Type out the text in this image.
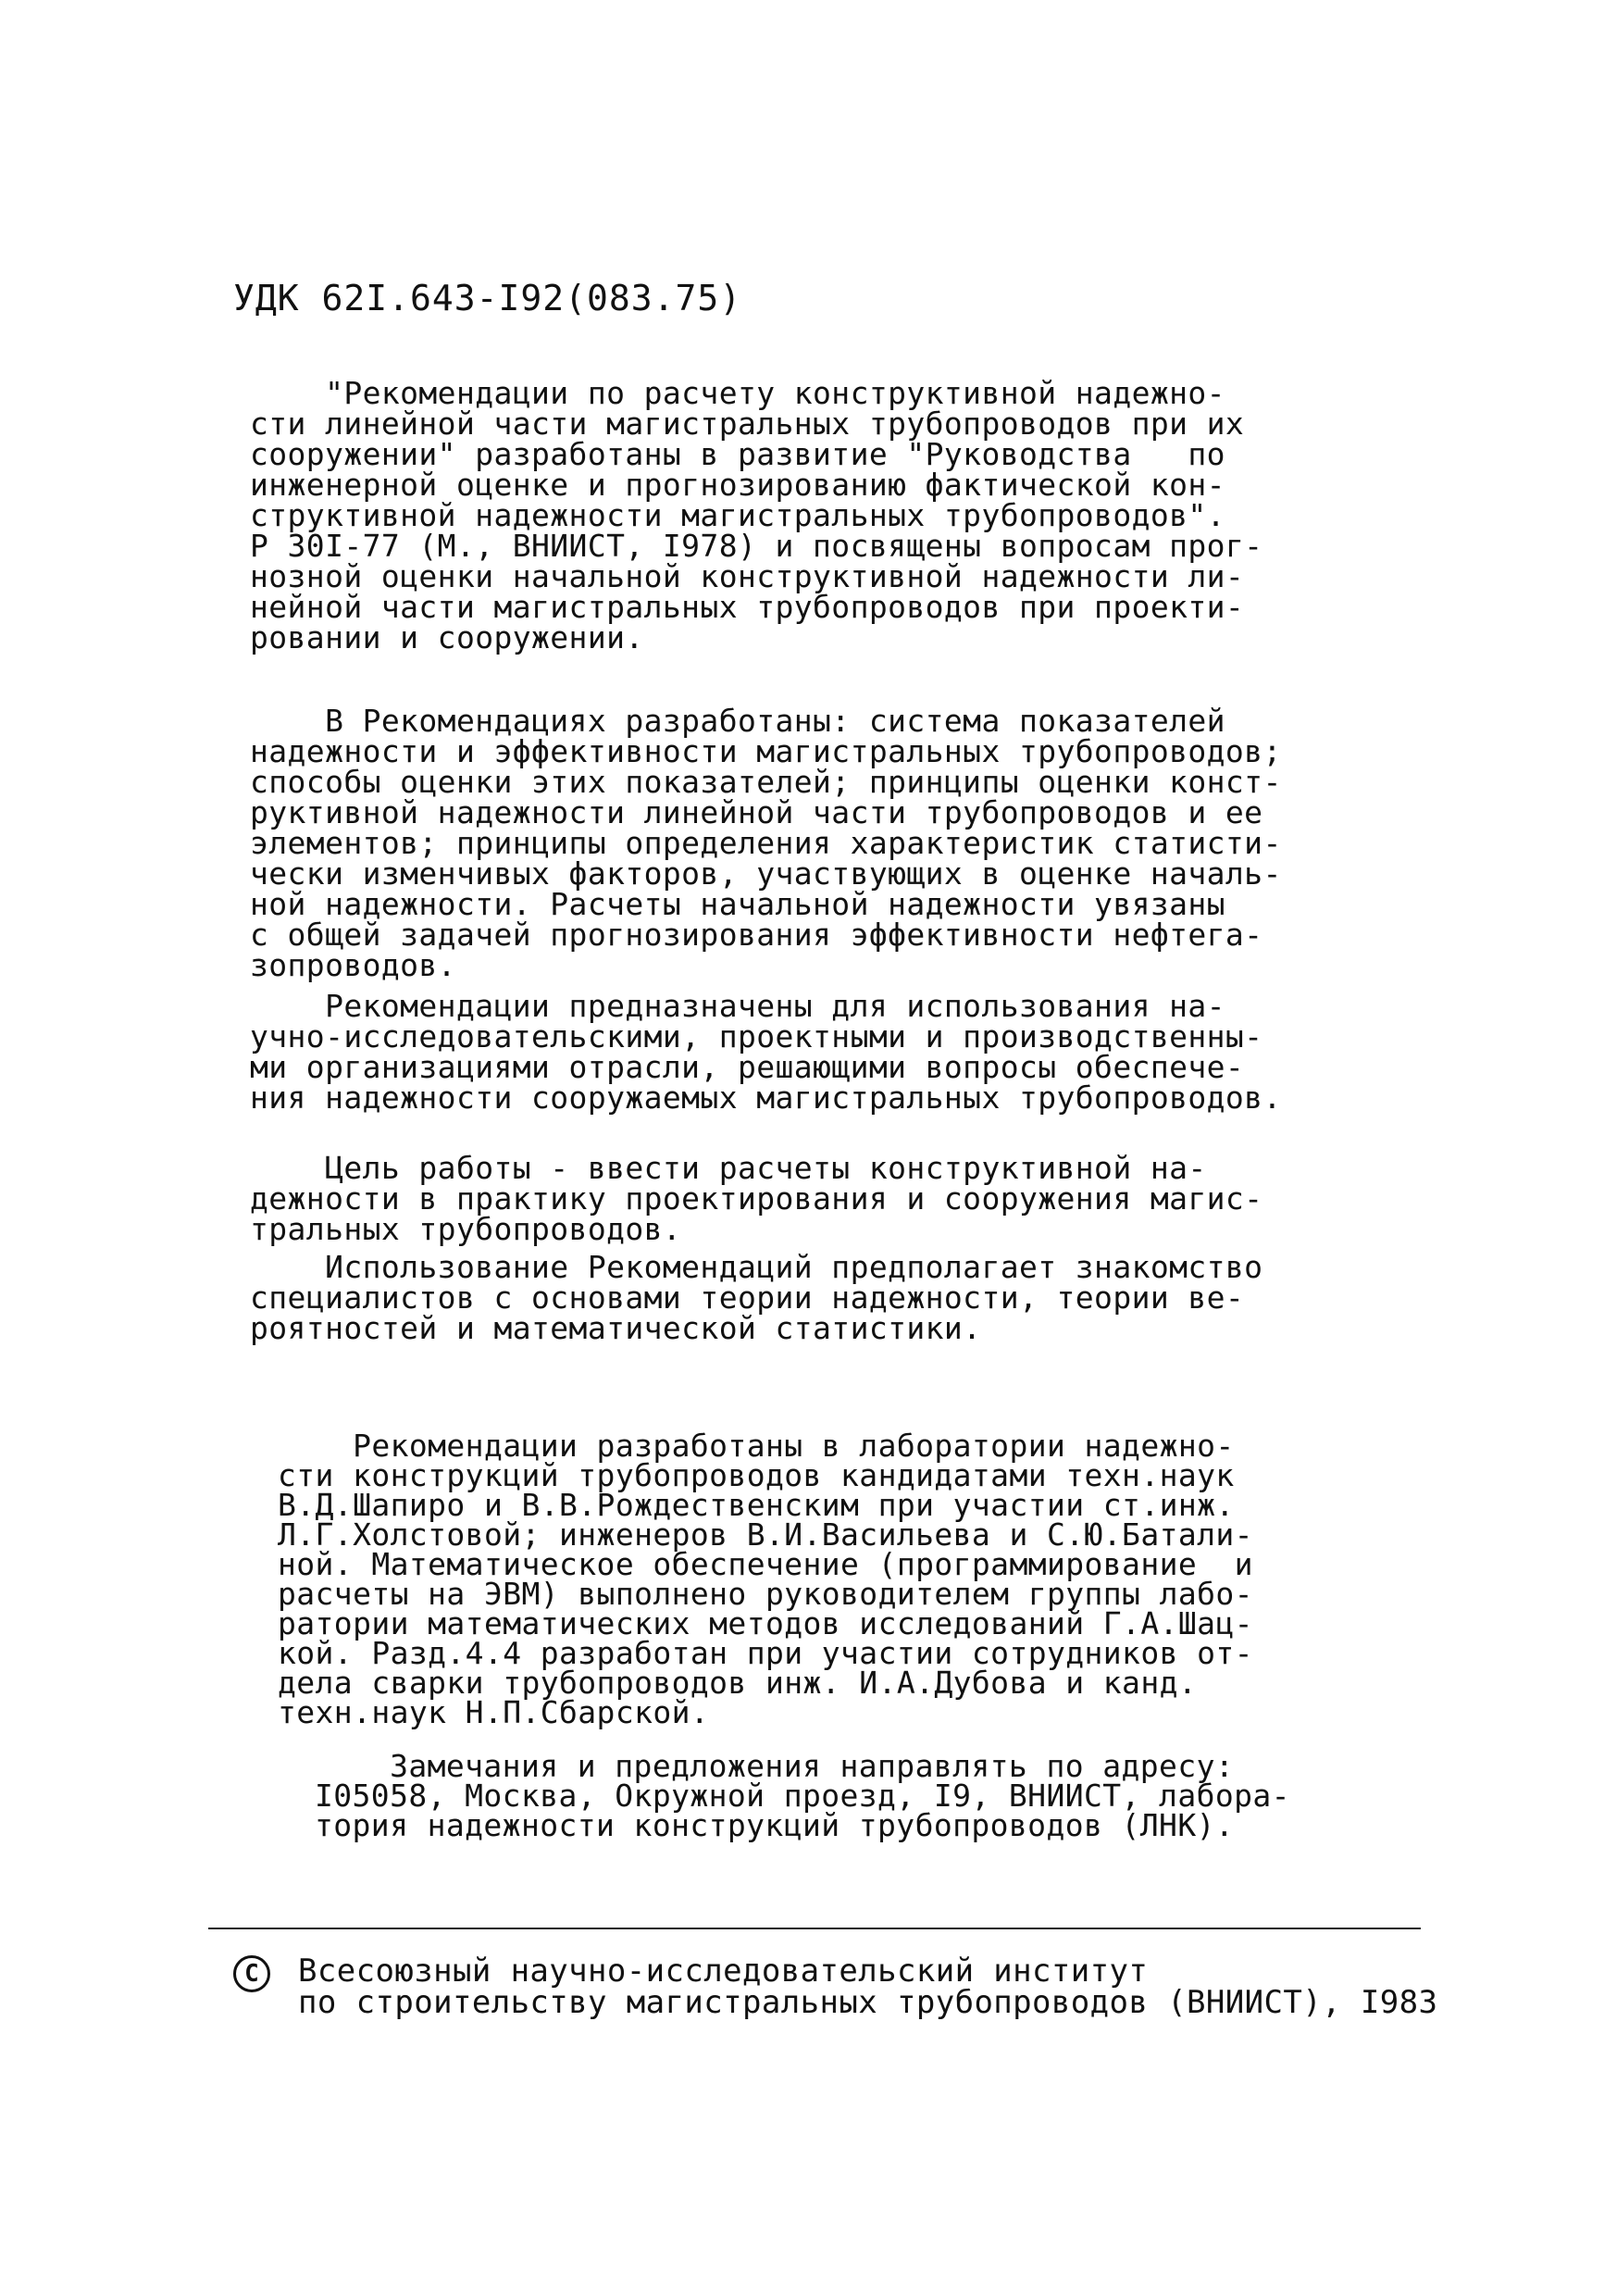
УДК 62I.643-I92(083.75)
"Рекомендации по расчету конструктивной надежно-
сти линейной части магистральных трубопроводов при их
сооружении" разработаны в развитие "Руководства   по
инженерной оценке и прогнозированию фактической кон-
структивной надежности магистральных трубопроводов".
Р 30I-77 (М., ВНИИСТ, I978) и посвящены вопросам прог-
нозной оценки начальной конструктивной надежности ли-
нейной части магистральных трубопроводов при проекти-
ровании и сооружении.
В Рекомендациях разработаны: система показателей
надежности и эффективности магистральных трубопроводов;
способы оценки этих показателей; принципы оценки конст-
руктивной надежности линейной части трубопроводов и ее
элементов; принципы определения характеристик статисти-
чески изменчивых факторов, участвующих в оценке началь-
ной надежности. Расчеты начальной надежности увязаны
с общей задачей прогнозирования эффективности нефтега-
зопроводов.
Рекомендации предназначены для использования на-
учно-исследовательскими, проектными и производственны-
ми организациями отрасли, решающими вопросы обеспече-
ния надежности сооружаемых магистральных трубопроводов.
Цель работы - ввести расчеты конструктивной на-
дежности в практику проектирования и сооружения магис-
тральных трубопроводов.
Использование Рекомендаций предполагает знакомство
специалистов с основами теории надежности, теории ве-
роятностей и математической статистики.
Рекомендации разработаны в лаборатории надежно-
сти конструкций трубопроводов кандидатами техн.наук
В.Д.Шапиро и В.В.Рождественским при участии ст.инж.
Л.Г.Холстовой; инженеров В.И.Васильева и С.Ю.Батали-
ной. Математическое обеспечение (программирование  и
расчеты на ЭВМ) выполнено руководителем группы лабо-
ратории математических методов исследований Г.А.Шац-
кой. Разд.4.4 разработан при участии сотрудников от-
дела сварки трубопроводов инж. И.А.Дубова и канд.
техн.наук Н.П.Сбарской.
Замечания и предложения направлять по адресу:
I05058, Москва, Окружной проезд, I9, ВНИИСТ, лабора-
тория надежности конструкций трубопроводов (ЛНК).
C	Всесоюзный научно-исследовательский институт
по строительству магистральных трубопроводов (ВНИИСТ), I983
